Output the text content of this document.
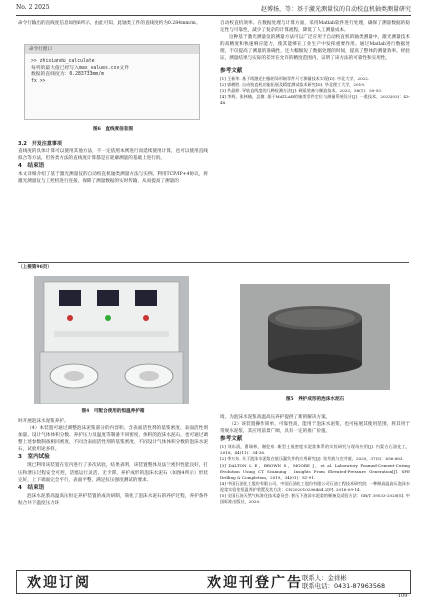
No. 2 2025	赵博扬，等：基于激光测量仪的自动校直机轴类测量研究
命令行输出的直线度信息如图6所示，由此可知，此轴类工件的直线度约为0.284mm/m。
命令行窗口
>> zhixiandu_calculate
每列的最大值已经写入max_values.csv文件
数据的直线度为：0.283733mm/m
fx >>
图6　直线度信息图
3.2　开发注意事项
直线度的具体计算可以使用其他方法，不一定依照本例进行而延续使用计算，也可以使用直线拟合等方法，但各类方法的直线度计算都是在轮廓测量的基础上进行的。
4　结束语
本文详细介绍了基于激光测量仪的自动校直机轴类测量方法与实例。利用TCP/IP+4协议，将激光测量仪与工控机进行连接，保障了测量数据的实时传输，从而提高了测量的
自动校直机效率。在数据处理与计算方面，采用Matlab软件进行处理，确保了测量数据的稳定性与可靠性，减少了复杂的计算流程，降低了人工测量成本。
这种基于激光测量仪的测量方法可以广泛应用于自动校直机的轴类测量中。激光测量技术的高精度和快速响应能力，使其能够在工业生产中发挥重要作用。通过Matlab进行数据处理，不仅提高了测量的准确性，还大幅缩短了数据处理的时间，提高了整体的测量效率。经验证，测量结果与实际的差异在允许的精度范围内，证明了该方法的可靠性和实用性。
参考文献
[1] 王新华. 基于线激光扫描的异形轴零件尺寸测量技术实现[D]. 中北大学，2022.
[2] 郭鹤胜. 自动校直机功能拓展及精度测试技术研究[D]. 华北理工大学，2019.
[3] 共晶婷. 导轨直线度的几种检测方法[J]. 硬质装备与制造技术，2023，58(1)：50-53.
[4] 李辉，张林楠，总黎. 基于MATLAB的轴类零件定位与测量系统设计[J]. 一重技术，2023(03)：43-48.
（上接第96页）
图4　可配合使用的恒温养护箱
图5　养护成形的泡沫水泥石
时开展泡沫水泥浆养护。
（4）本装置可通过调整泡沫泥浆部分的内容积、含表面活性剂的基浆密度、表面活性剂加量、设计气体体积分数、养护压力及温度等制备不同密度、体积的泡沫水泥石，也可通过调整上述参数制备相同密度、不同含表面活性剂的基浆密度、不同设计气体体积分数的泡沫水泥石，试验用途多样。
3　室内试验
现已利用该装置在室内进行了多次试验，结果表明，该装置整体及法兰密封性能良好，打压和泄压过程安全可控，活塞运行灵活，无卡滞，养护成形的泡沫水泥石（如图4所示）形状完好，上下端面完全平行，表面平整，满足抗压强度测试的要求。
4　结束语
泡沫水泥浆高温高压恒定养护装置的成功研制，简化了泡沫水泥石的养护过程，养护条件贴合井下温度压力环
境，为泡沫水泥浆高温高压养护提供了新的解决方案。
（2）该装置操作简单，可靠性高，能用于泡沫水泥浆，也可拓展其使用范围，将其用于常规水泥浆，其应用前景广阔，具有一定的推广价值。
参考文献
[1] 刘东清，曹瑞林，谢伦泉. 新型土低密度水泥浆体系的实验研究与现场应用[J]. 内蒙古石油化工，2018，44(11)：34-36.
[2] 李万东. 关于泡沫水泥浆在低压漏失井的应用研究[J]. 钻井液与完井液，2020，37(5)：656-663.
[3] DALTON L E，BROWN S，MOORE J，et al. Laboratory Foamed-Cement-Curing Evolution Using CT Scanning：Insights From Elevated-Pressure Generation[J]. SPE Drilling & Completion，2019，34(01)：81-91.
[4] 中国石油化工股份有限公司，中国石油化工股份有限公司石油工程技术研究院. 一种耐高温高压泡沫水泥浆实验室恒温养护装置及其方法：CN202010206464.2[P]. 2016-09-14.
[5] 全国石油天然气标准化技术委员会. 套压下泡沫水泥浆的制备及试验方法：GB/T 39533-2020[S]. 中国标准出版社，2020.
欢迎订阅	欢迎刊登广告 联系人：金祥彬
联系电话：0431-87963568
·109·
